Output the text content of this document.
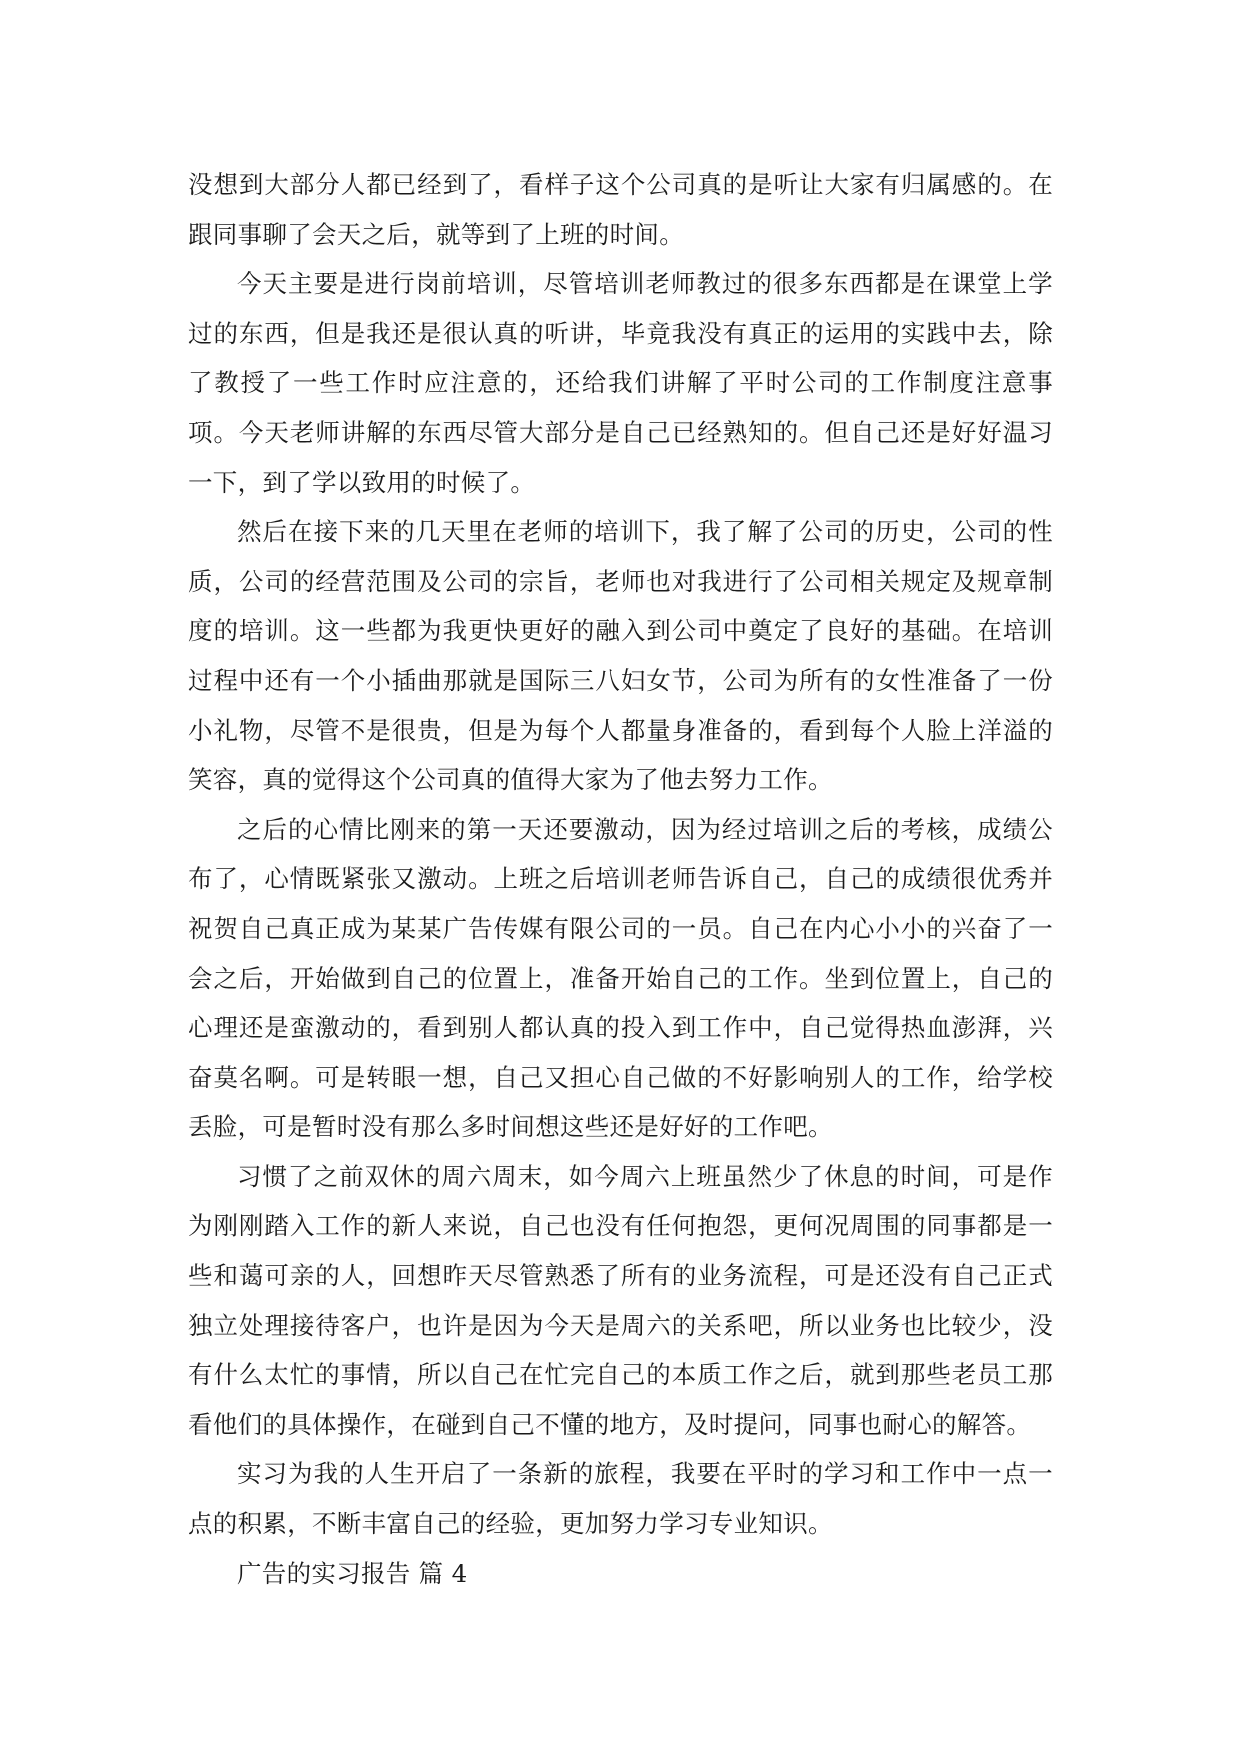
没想到大部分人都已经到了，看样子这个公司真的是听让大家有归属感的。在跟同事聊了会天之后，就等到了上班的时间。

今天主要是进行岗前培训，尽管培训老师教过的很多东西都是在课堂上学过的东西，但是我还是很认真的听讲，毕竟我没有真正的运用的实践中去，除了教授了一些工作时应注意的，还给我们讲解了平时公司的工作制度注意事项。今天老师讲解的东西尽管大部分是自己已经熟知的。但自己还是好好温习一下，到了学以致用的时候了。

然后在接下来的几天里在老师的培训下，我了解了公司的历史，公司的性质，公司的经营范围及公司的宗旨，老师也对我进行了公司相关规定及规章制度的培训。这一些都为我更快更好的融入到公司中奠定了良好的基础。在培训过程中还有一个小插曲那就是国际三八妇女节，公司为所有的女性准备了一份小礼物，尽管不是很贵，但是为每个人都量身准备的，看到每个人脸上洋溢的笑容，真的觉得这个公司真的值得大家为了他去努力工作。

之后的心情比刚来的第一天还要激动，因为经过培训之后的考核，成绩公布了，心情既紧张又激动。上班之后培训老师告诉自己，自己的成绩很优秀并祝贺自己真正成为某某广告传媒有限公司的一员。自己在内心小小的兴奋了一会之后，开始做到自己的位置上，准备开始自己的工作。坐到位置上，自己的心理还是蛮激动的，看到别人都认真的投入到工作中，自己觉得热血澎湃，兴奋莫名啊。可是转眼一想，自己又担心自己做的不好影响别人的工作，给学校丢脸，可是暂时没有那么多时间想这些还是好好的工作吧。

习惯了之前双休的周六周末，如今周六上班虽然少了休息的时间，可是作为刚刚踏入工作的新人来说，自己也没有任何抱怨，更何况周围的同事都是一些和蔼可亲的人，回想昨天尽管熟悉了所有的业务流程，可是还没有自己正式独立处理接待客户，也许是因为今天是周六的关系吧，所以业务也比较少，没有什么太忙的事情，所以自己在忙完自己的本质工作之后，就到那些老员工那看他们的具体操作，在碰到自己不懂的地方，及时提问，同事也耐心的解答。

实习为我的人生开启了一条新的旅程，我要在平时的学习和工作中一点一点的积累，不断丰富自己的经验，更加努力学习专业知识。

广告的实习报告 篇 4
